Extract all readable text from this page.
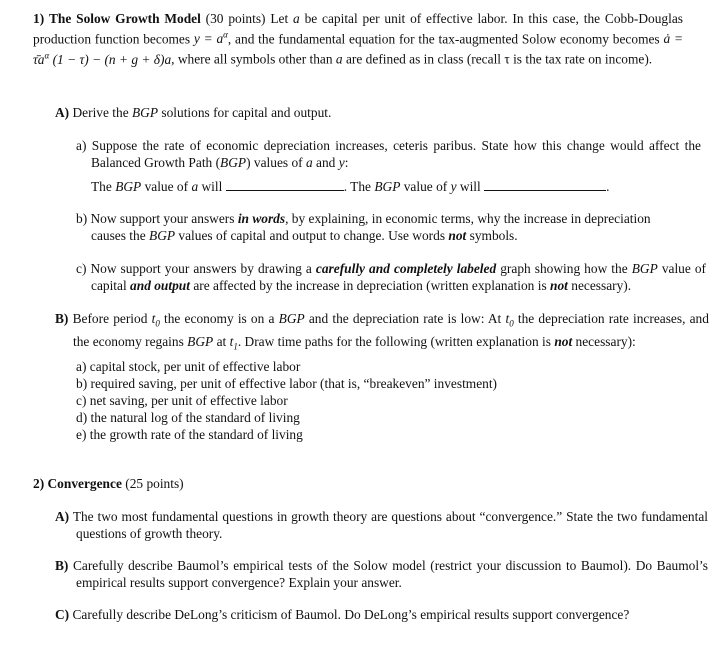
1) The Solow Growth Model (30 points) Let a be capital per unit of effective labor. In this case, the Cobb-Douglas production function becomes $y = a^\alpha$, and the fundamental equation for the tax-augmented Solow economy becomes ȧ = $\taūa^\alpha$ (1 − τ) − (n + g + δ)a, where all symbols other than a are defined as in class (recall τ is the tax rate on income).

A) Derive the BGP solutions for capital and output.

a) Suppose the rate of economic depreciation increases, ceteris paribus. State how this change would affect the Balanced Growth Path (BGP) values of a and y:

The BGP value of a will	. The BGP value of y will	.

b) Now support your answers in words, by explaining, in economic terms, why the increase in depreciation causes the BGP values of capital and output to change. Use words not symbols.

c) Now support your answers by drawing a carefully and completely labeled graph showing how the BGP value of capital and output are affected by the increase in depreciation (written explanation is not necessary).

B) Before period $t_0$ the economy is on a BGP and the depreciation rate is low: At $t_0$ the depreciation rate increases, and the economy regains BGP at $t_1$. Draw time paths for the following (written explanation is not necessary):

a) capital stock, per unit of effective labor
b) required saving, per unit of effective labor (that is, “breakeven” investment)
c) net saving, per unit of effective labor
d) the natural log of the standard of living
e) the growth rate of the standard of living

2) Convergence (25 points)

A) The two most fundamental questions in growth theory are questions about “convergence.” State the two fundamental questions of growth theory.

B) Carefully describe Baumol’s empirical tests of the Solow model (restrict your discussion to Baumol). Do Baumol’s empirical results support convergence? Explain your answer.

C) Carefully describe DeLong’s criticism of Baumol. Do DeLong’s empirical results support convergence?
